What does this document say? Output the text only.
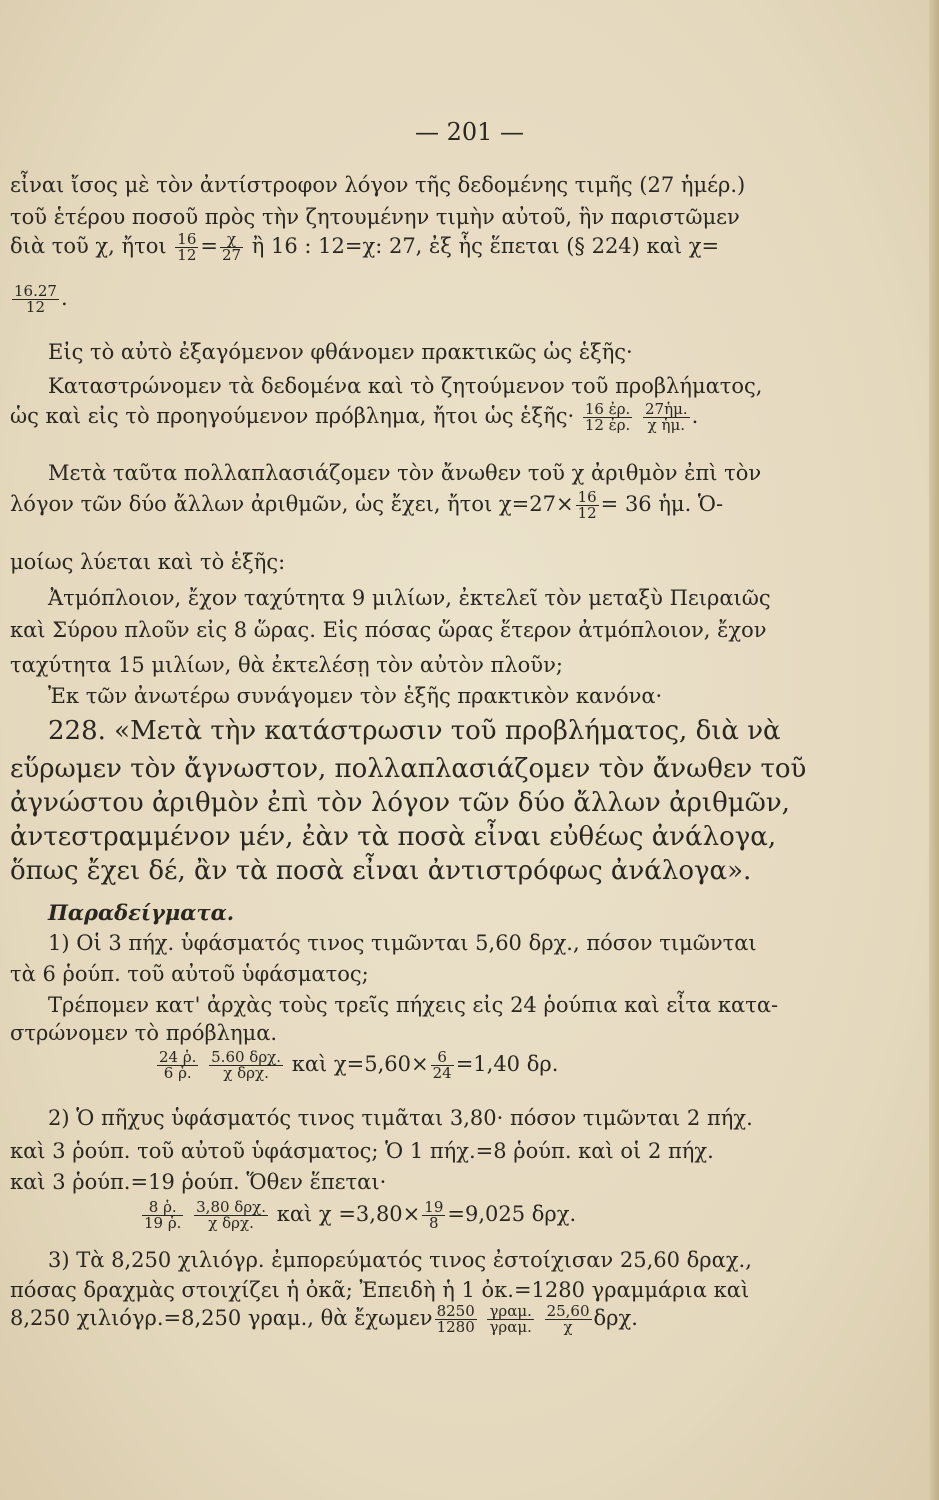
— 201 —
εἶναι ἴσος μὲ τὸν ἀντίστροφον λόγον τῆς δεδομένης τιμῆς (27 ἡμέρ.)
τοῦ ἑτέρου ποσοῦ πρὸς τὴν ζητουμένην τιμὴν αὐτοῦ, ἣν παριστῶμεν
διὰ τοῦ χ, ἤτοι $\frac{16}{12} = \frac{\chi}{27}$ ἢ 16 : 12=χ: 27, ἐξ ἧς ἕπεται (§ 224) καὶ χ=
$\frac{16.27}{12}$ .
Εἰς τὸ αὐτὸ ἐξαγόμενον φθάνομεν πρακτικῶς ὡς ἑξῆς·
Καταστρώνομεν τὰ δεδομένα καὶ τὸ ζητούμενον τοῦ προβλήματος,
ὡς καὶ εἰς τὸ προηγούμενον πρόβλημα, ἤτοι ὡς ἑξῆς· $\frac{\text{16 ἐρ.}}{\text{12 ἐρ.}}$
$\frac{\text{27ἡμ.}}{\text{χ ἡμ.}}$ .
Μετὰ ταῦτα πολλαπλασιάζομεν τὸν ἄνωθεν τοῦ χ ἀριθμὸν ἐπὶ τὸν
λόγον τῶν δύο ἄλλων ἀριθμῶν, ὡς ἔχει, ἤτοι $\chi=27\times \frac{16}{12} = 36$ ἡμ. Ὁ-
μοίως λύεται καὶ τὸ ἑξῆς:
Ἀτμόπλοιον, ἔχον ταχύτητα 9 μιλίων, ἐκτελεῖ τὸν μεταξὺ Πειραιῶς
καὶ Σύρου πλοῦν εἰς 8 ὥρας. Εἰς πόσας ὥρας ἕτερον ἀτμόπλοιον, ἔχον
ταχύτητα 15 μιλίων, θὰ ἐκτελέσῃ τὸν αὐτὸν πλοῦν;
Ἐκ τῶν ἀνωτέρω συνάγομεν τὸν ἑξῆς πρακτικὸν κανόνα·
228. «Μετὰ τὴν κατάστρωσιν τοῦ προβλήματος, διὰ νὰ
εὕρωμεν τὸν ἄγνωστον, πολλαπλασιάζομεν τὸν ἄνωθεν τοῦ
ἀγνώστου ἀριθμὸν ἐπὶ τὸν λόγον τῶν δύο ἄλλων ἀριθμῶν,
ἀντεστραμμένον μέν, ἐὰν τὰ ποσὰ εἶναι εὐθέως ἀνάλογα,
ὅπως ἔχει δέ, ἂν τὰ ποσὰ εἶναι ἀντιστρόφως ἀνάλογα».
Παραδείγματα.
1) Οἱ 3 πήχ. ὑφάσματός τινος τιμῶνται 5,60 δρχ., πόσον τιμῶνται
τὰ 6 ῥούπ. τοῦ αὐτοῦ ὑφάσματος;
Τρέπομεν κατ' ἀρχὰς τοὺς τρεῖς πήχεις εἰς 24 ῥούπια καὶ εἶτα κατα-
στρώνομεν τὸ πρόβλημα.
$\frac{\text{24 ῥ.}}{\text{6 ῥ.}}$
$\frac{\text{5.60 δρχ.}}{\text{χ δρχ.}}$ καὶ $\chi=5,60\times \frac{6}{24} =1,40$ δρ.
2) Ὁ πῆχυς ὑφάσματός τινος τιμᾶται 3,80· πόσον τιμῶνται 2 πήχ.
καὶ 3 ῥούπ. τοῦ αὐτοῦ ὑφάσματος; Ὁ 1 πήχ.=8 ῥούπ. καὶ οἱ 2 πήχ.
καὶ 3 ῥούπ.=19 ῥούπ. Ὅθεν ἕπεται·
$\frac{\text{8 ῥ.}}{\text{19 ῥ.}}$
$\frac{\text{3,80 δρχ.}}{\text{χ δρχ.}}$ καὶ $\chi =3,80\times \frac{19}{8} =9,025$ δρχ.
3) Τὰ 8,250 χιλιόγρ. ἐμπορεύματός τινος ἐστοίχισαν 25,60 δραχ.,
πόσας δραχμὰς στοιχίζει ἡ ὀκᾶ; Ἐπειδὴ ἡ 1 ὀκ.=1280 γραμμάρια καὶ
8,250 χιλιόγρ.=8,250 γραμ., θὰ ἔχωμεν $\frac{8250}{1280}$
$\frac{\text{γραμ.}}{\text{γραμ.}}$
$\frac{25,60}{\chi} \delta\rho\chi$.
